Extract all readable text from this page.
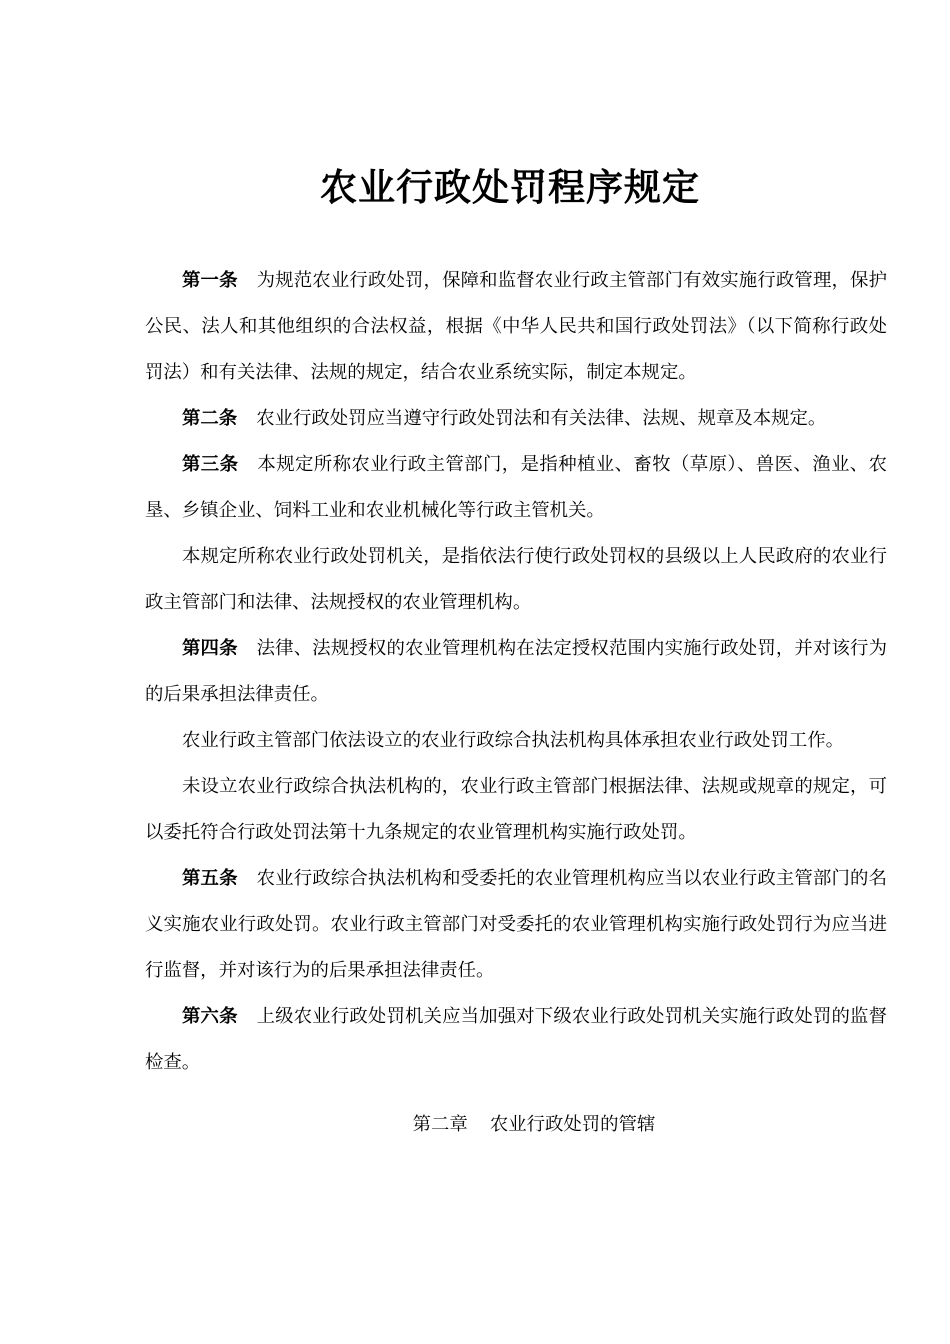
农业行政处罚程序规定

第一条 为规范农业行政处罚，保障和监督农业行政主管部门有效实施行政管理，保护公民、法人和其他组织的合法权益，根据《中华人民共和国行政处罚法》（以下简称行政处罚法）和有关法律、法规的规定，结合农业系统实际，制定本规定。

第二条 农业行政处罚应当遵守行政处罚法和有关法律、法规、规章及本规定。

第三条 本规定所称农业行政主管部门，是指种植业、畜牧（草原）、兽医、渔业、农垦、乡镇企业、饲料工业和农业机械化等行政主管机关。

本规定所称农业行政处罚机关，是指依法行使行政处罚权的县级以上人民政府的农业行政主管部门和法律、法规授权的农业管理机构。

第四条 法律、法规授权的农业管理机构在法定授权范围内实施行政处罚，并对该行为的后果承担法律责任。

农业行政主管部门依法设立的农业行政综合执法机构具体承担农业行政处罚工作。

未设立农业行政综合执法机构的，农业行政主管部门根据法律、法规或规章的规定，可以委托符合行政处罚法第十九条规定的农业管理机构实施行政处罚。

第五条 农业行政综合执法机构和受委托的农业管理机构应当以农业行政主管部门的名义实施农业行政处罚。农业行政主管部门对受委托的农业管理机构实施行政处罚行为应当进行监督，并对该行为的后果承担法律责任。

第六条 上级农业行政处罚机关应当加强对下级农业行政处罚机关实施行政处罚的监督检查。

第二章 农业行政处罚的管辖
